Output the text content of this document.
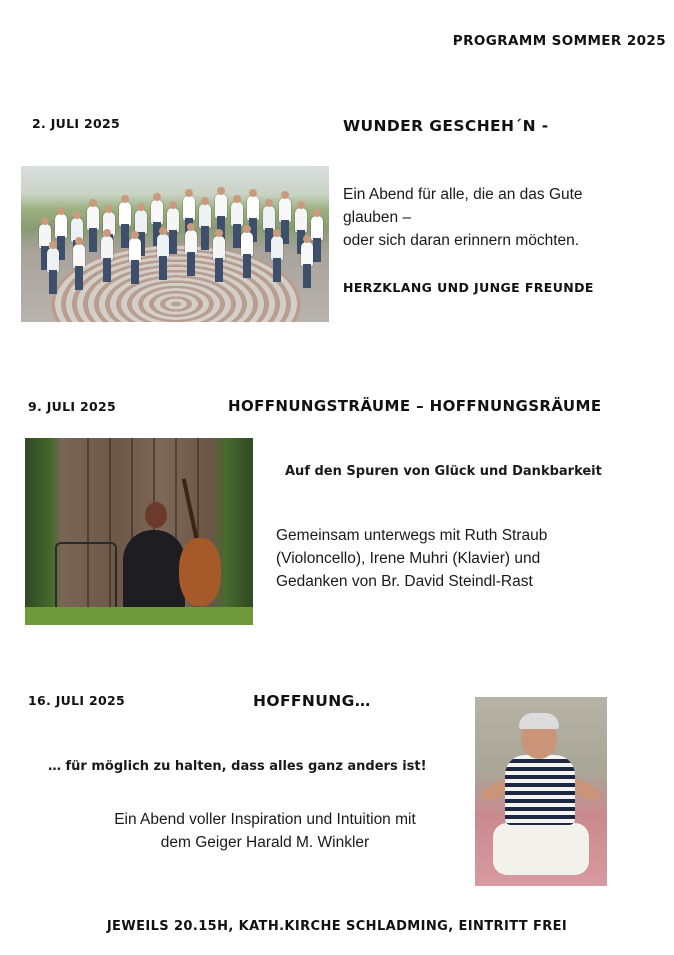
PROGRAMM SOMMER 2025
2. JULI 2025	WUNDER GESCHEH´N -
Ein Abend für alle, die an das Gute
glauben –
oder sich daran erinnern möchten.
HERZKLANG UND JUNGE FREUNDE
9. JULI 2025	HOFFNUNGSTRÄUME – HOFFNUNGSRÄUME
Auf den Spuren von Glück und Dankbarkeit
Gemeinsam unterwegs mit Ruth Straub
(Violoncello), Irene Muhri (Klavier) und
Gedanken von Br. David Steindl-Rast
16. JULI 2025	HOFFNUNG…
… für möglich zu halten, dass alles ganz anders ist!
Ein Abend voller Inspiration und Intuition mit
dem Geiger Harald M. Winkler
JEWEILS 20.15H, KATH.KIRCHE SCHLADMING, EINTRITT FREI
